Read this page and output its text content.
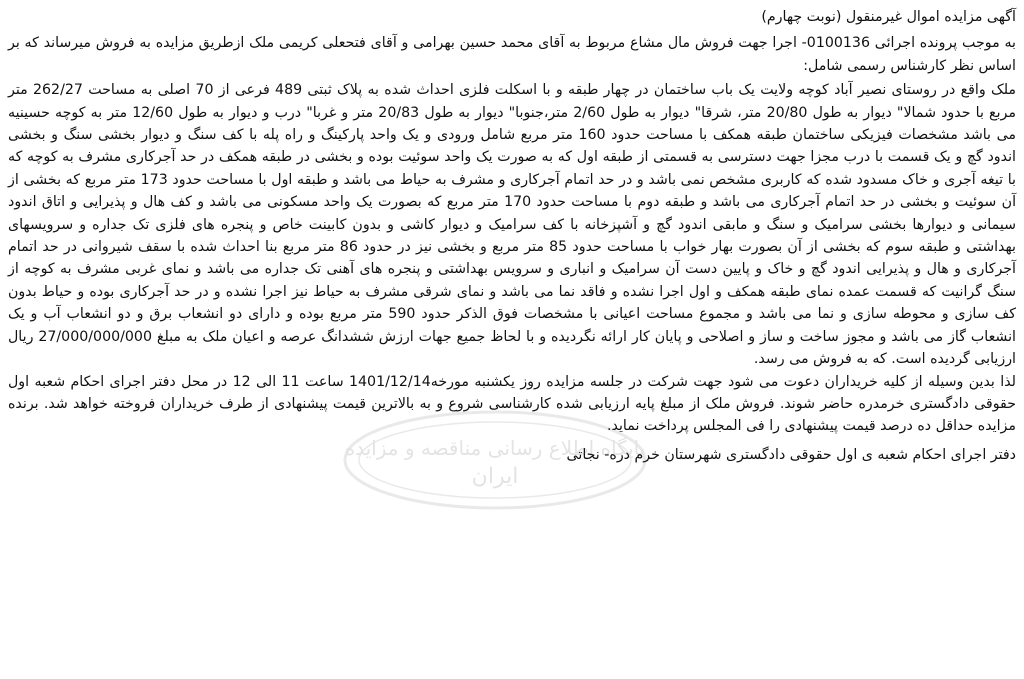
آگهی مزایده اموال غیرمنقول (نوبت چهارم)

به موجب پرونده اجرائی 0100136- اجرا جهت فروش مال مشاع مربوط به آقای محمد حسین بهرامی و آقای فتحعلی کریمی ملک ازطریق مزایده به فروش میرساند که بر اساس نظر کارشناس رسمی شامل:

ملک واقع در روستای نصیر آباد کوچه ولایت یک باب ساختمان در چهار طبقه و با اسکلت فلزی احداث شده به پلاک ثبتی 489 فرعی از 70 اصلی به مساحت 262/27 متر مربع با حدود شمالا" دیوار به طول 20/80 متر، شرقا" دیوار به طول 2/60 متر،جنوبا" دیوار به طول 20/83 متر و غربا" درب و دیوار به طول 12/60 متر به کوچه حسینیه می باشد مشخصات فیزیکی ساختمان طبقه همکف با مساحت حدود 160 متر مربع شامل ورودی و یک واحد پارکینگ و راه پله با کف سنگ و دیوار بخشی سنگ و بخشی اندود گچ و یک قسمت با درب مجزا جهت دسترسی به قسمتی از طبقه اول که به صورت یک واحد سوئیت بوده و بخشی در طبقه همکف در حد آجرکاری مشرف به کوچه که با تیغه آجری و خاک مسدود شده که کاربری مشخص نمی باشد و در حد اتمام آجرکاری و مشرف به حیاط می باشد و طبقه اول با مساحت حدود 173 متر مربع که بخشی از آن سوئیت و بخشی در حد اتمام آجرکاری می باشد و طبقه دوم با مساحت حدود 170 متر مربع که بصورت یک واحد مسکونی می باشد و کف هال و پذیرایی و اتاق اندود سیمانی و دیوارها بخشی سرامیک و سنگ و مابقی اندود گچ و آشپزخانه با کف سرامیک و دیوار کاشی و بدون کابینت خاص و پنجره های فلزی تک جداره و سرویسهای بهداشتی و طبقه سوم که بخشی از آن بصورت بهار خواب با مساحت حدود 85 متر مربع و بخشی نیز در حدود 86 متر مربع بنا احداث شده با سقف شیروانی در حد اتمام آجرکاری و هال و پذیرایی اندود گچ و خاک و پایین دست آن سرامیک و انباری و سرویس بهداشتی و پنجره های آهنی تک جداره می باشد و نمای غربی مشرف به کوچه از سنگ گرانیت که قسمت عمده نمای طبقه همکف و اول اجرا نشده و فاقد نما می باشد و نمای شرقی مشرف به حیاط نیز اجرا نشده و در حد آجرکاری بوده و حیاط بدون کف سازی و محوطه سازی و نما می باشد و مجموع مساحت اعیانی با مشخصات فوق الذکر حدود 590 متر مربع بوده و دارای دو انشعاب برق و دو انشعاب آب و یک انشعاب گاز می باشد و مجوز ساخت و ساز و اصلاحی و پایان کار ارائه نگردیده و با لحاظ جمیع جهات ارزش ششدانگ عرصه و اعیان ملک به مبلغ 27/000/000/000 ریال ارزیابی گردیده است. که به فروش می رسد.

لذا بدین وسیله از کلیه خریداران دعوت می شود جهت شرکت در جلسه مزایده روز یکشنبه مورخه1401/12/14 ساعت 11 الی 12 در محل دفتر اجرای احکام شعبه اول حقوقی دادگستری خرمدره حاضر شوند. فروش ملک از مبلغ پایه ارزیابی شده کارشناسی شروع و به بالاترین قیمت پیشنهادی از طرف خریداران فروخته خواهد شد. برنده مزایده حداقل ده درصد قیمت پیشنهادی را فی المجلس پرداخت نماید.

دفتر اجرای احکام شعبه ی اول حقوقی دادگستری شهرستان خرم دره- نجاتی

پایگاه اطلاع رسانی مناقصه و مزایده
ایران
